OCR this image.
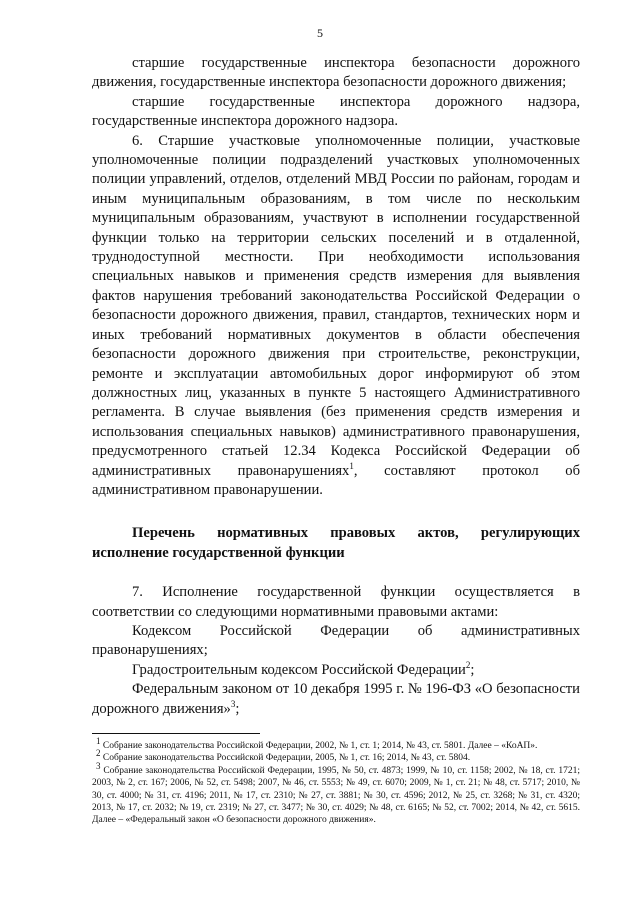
5

старшие государственные инспектора безопасности дорожного движения, государственные инспектора безопасности дорожного движения;

старшие государственные инспектора дорожного надзора, государственные инспектора дорожного надзора.

6. Старшие участковые уполномоченные полиции, участковые уполномоченные полиции подразделений участковых уполномоченных полиции управлений, отделов, отделений МВД России по районам, городам и иным муниципальным образованиям, в том числе по нескольким муниципальным образованиям, участвуют в исполнении государственной функции только на территории сельских поселений и в отдаленной, труднодоступной местности. При необходимости использования специальных навыков и применения средств измерения для выявления фактов нарушения требований законодательства Российской Федерации о безопасности дорожного движения, правил, стандартов, технических норм и иных требований нормативных документов в области обеспечения безопасности дорожного движения при строительстве, реконструкции, ремонте и эксплуатации автомобильных дорог информируют об этом должностных лиц, указанных в пункте 5 настоящего Административного регламента. В случае выявления (без применения средств измерения и использования специальных навыков) административного правонарушения, предусмотренного статьей 12.34 Кодекса Российской Федерации об административных правонарушениях$^1$, составляют протокол об административном правонарушении.

Перечень нормативных правовых актов, регулирующих исполнение государственной функции

7. Исполнение государственной функции осуществляется в соответствии со следующими нормативными правовыми актами:

Кодексом Российской Федерации об административных правонарушениях;

Градостроительным кодексом Российской Федерации$^2$;

Федеральным законом от 10 декабря 1995 г. № 196-ФЗ «О безопасности дорожного движения»$^3$;

$^1$ Собрание законодательства Российской Федерации, 2002, № 1, ст. 1; 2014, № 43, ст. 5801. Далее – «КоАП».

$^2$ Собрание законодательства Российской Федерации, 2005, № 1, ст. 16; 2014, № 43, ст. 5804.

$^3$ Собрание законодательства Российской Федерации, 1995, № 50, ст. 4873; 1999, № 10, ст. 1158; 2002, № 18, ст. 1721; 2003, № 2, ст. 167; 2006, № 52, ст. 5498; 2007, № 46, ст. 5553; № 49, ст. 6070; 2009, № 1, ст. 21; № 48, ст. 5717; 2010, № 30, ст. 4000; № 31, ст. 4196; 2011, № 17, ст. 2310; № 27, ст. 3881; № 30, ст. 4596; 2012, № 25, ст. 3268; № 31, ст. 4320; 2013, № 17, ст. 2032; № 19, ст. 2319; № 27, ст. 3477; № 30, ст. 4029; № 48, ст. 6165; № 52, ст. 7002; 2014, № 42, ст. 5615. Далее – «Федеральный закон «О безопасности дорожного движения».
